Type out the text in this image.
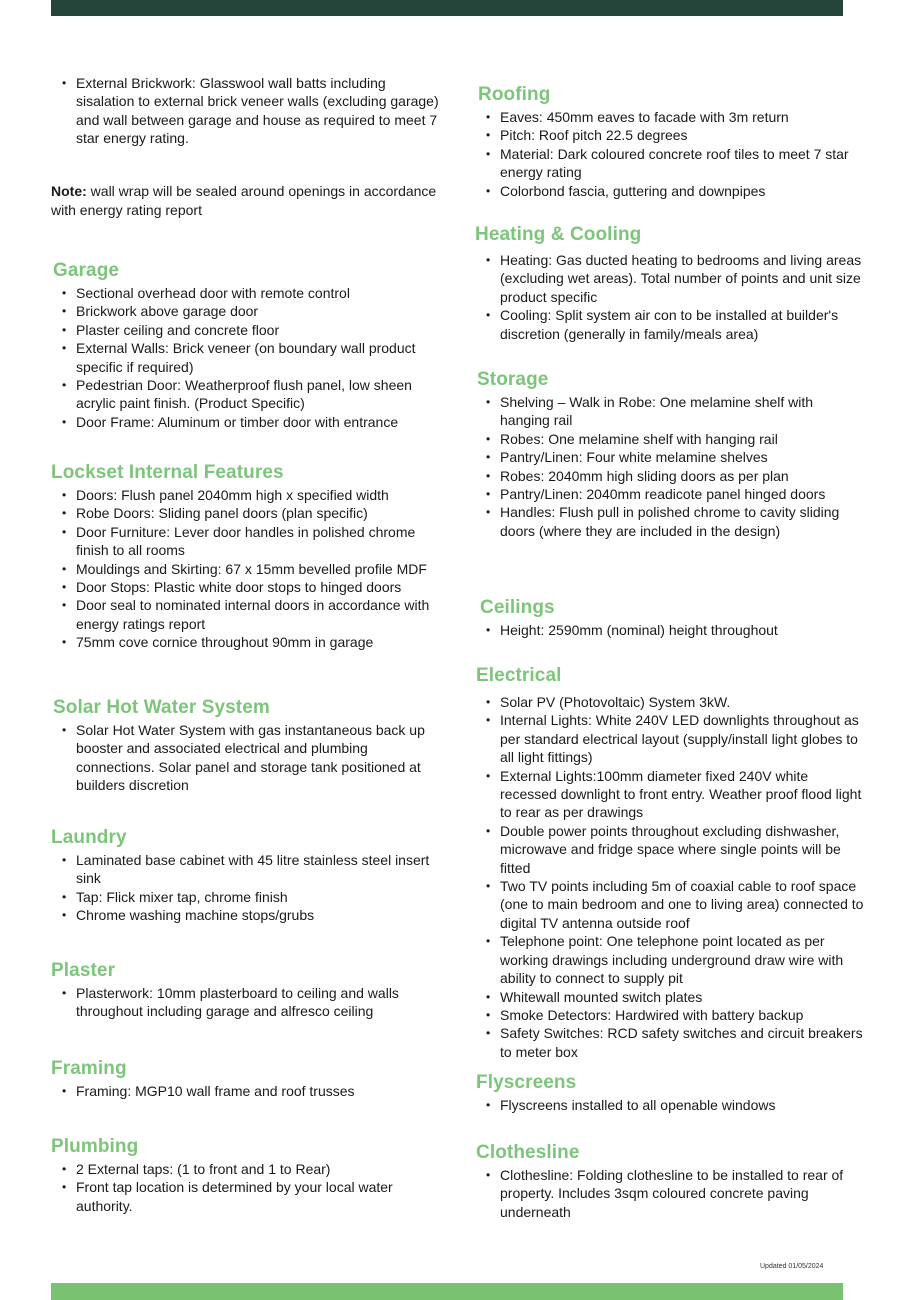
• External Brickwork: Glasswool wall batts including sisalation to external brick veneer walls (excluding garage) and wall between garage and house as required to meet 7 star energy rating.

Note: wall wrap will be sealed around openings in accordance with energy rating report

Garage
• Sectional overhead door with remote control
• Brickwork above garage door
• Plaster ceiling and concrete floor
• External Walls: Brick veneer (on boundary wall product specific if required)
• Pedestrian Door: Weatherproof flush panel, low sheen acrylic paint finish. (Product Specific)
• Door Frame: Aluminum or timber door with entrance
Lockset Internal Features
• Doors: Flush panel 2040mm high x specified width
• Robe Doors: Sliding panel doors (plan specific)
• Door Furniture: Lever door handles in polished chrome finish to all rooms
• Mouldings and Skirting: 67 x 15mm bevelled profile MDF
• Door Stops: Plastic white door stops to hinged doors
• Door seal to nominated internal doors in accordance with energy ratings report
• 75mm cove cornice throughout 90mm in garage
Solar Hot Water System
• Solar Hot Water System with gas instantaneous back up booster and associated electrical and plumbing connections. Solar panel and storage tank positioned at builders discretion
Laundry
• Laminated base cabinet with 45 litre stainless steel insert sink
• Tap: Flick mixer tap, chrome finish
• Chrome washing machine stops/grubs
Plaster
• Plasterwork: 10mm plasterboard to ceiling and walls throughout including garage and alfresco ceiling
Framing
• Framing: MGP10 wall frame and roof trusses
Plumbing
• 2 External taps: (1 to front and 1 to Rear)
• Front tap location is determined by your local water authority.
Roofing
• Eaves: 450mm eaves to facade with 3m return
• Pitch: Roof pitch 22.5 degrees
• Material: Dark coloured concrete roof tiles to meet 7 star energy rating
• Colorbond fascia, guttering and downpipes
Heating & Cooling
• Heating: Gas ducted heating to bedrooms and living areas (excluding wet areas). Total number of points and unit size product specific
• Cooling: Split system air con to be installed at builder's discretion (generally in family/meals area)
Storage
• Shelving – Walk in Robe: One melamine shelf with hanging rail
• Robes: One melamine shelf with hanging rail
• Pantry/Linen: Four white melamine shelves
• Robes: 2040mm high sliding doors as per plan
• Pantry/Linen: 2040mm readicote panel hinged doors
• Handles: Flush pull in polished chrome to cavity sliding doors (where they are included in the design)
Ceilings
• Height: 2590mm (nominal) height throughout
Electrical
• Solar PV (Photovoltaic) System 3kW.
• Internal Lights: White 240V LED downlights throughout as per standard electrical layout (supply/install light globes to all light fittings)
• External Lights:100mm diameter fixed 240V white recessed downlight to front entry. Weather proof flood light to rear as per drawings
• Double power points throughout excluding dishwasher, microwave and fridge space where single points will be fitted
• Two TV points including 5m of coaxial cable to roof space (one to main bedroom and one to living area) connected to digital TV antenna outside roof
• Telephone point: One telephone point located as per working drawings including underground draw wire with ability to connect to supply pit
• Whitewall mounted switch plates
• Smoke Detectors: Hardwired with battery backup
• Safety Switches: RCD safety switches and circuit breakers to meter box
Flyscreens
• Flyscreens installed to all openable windows
Clothesline
• Clothesline: Folding clothesline to be installed to rear of property. Includes 3sqm coloured concrete paving underneath
Updated 01/05/2024
